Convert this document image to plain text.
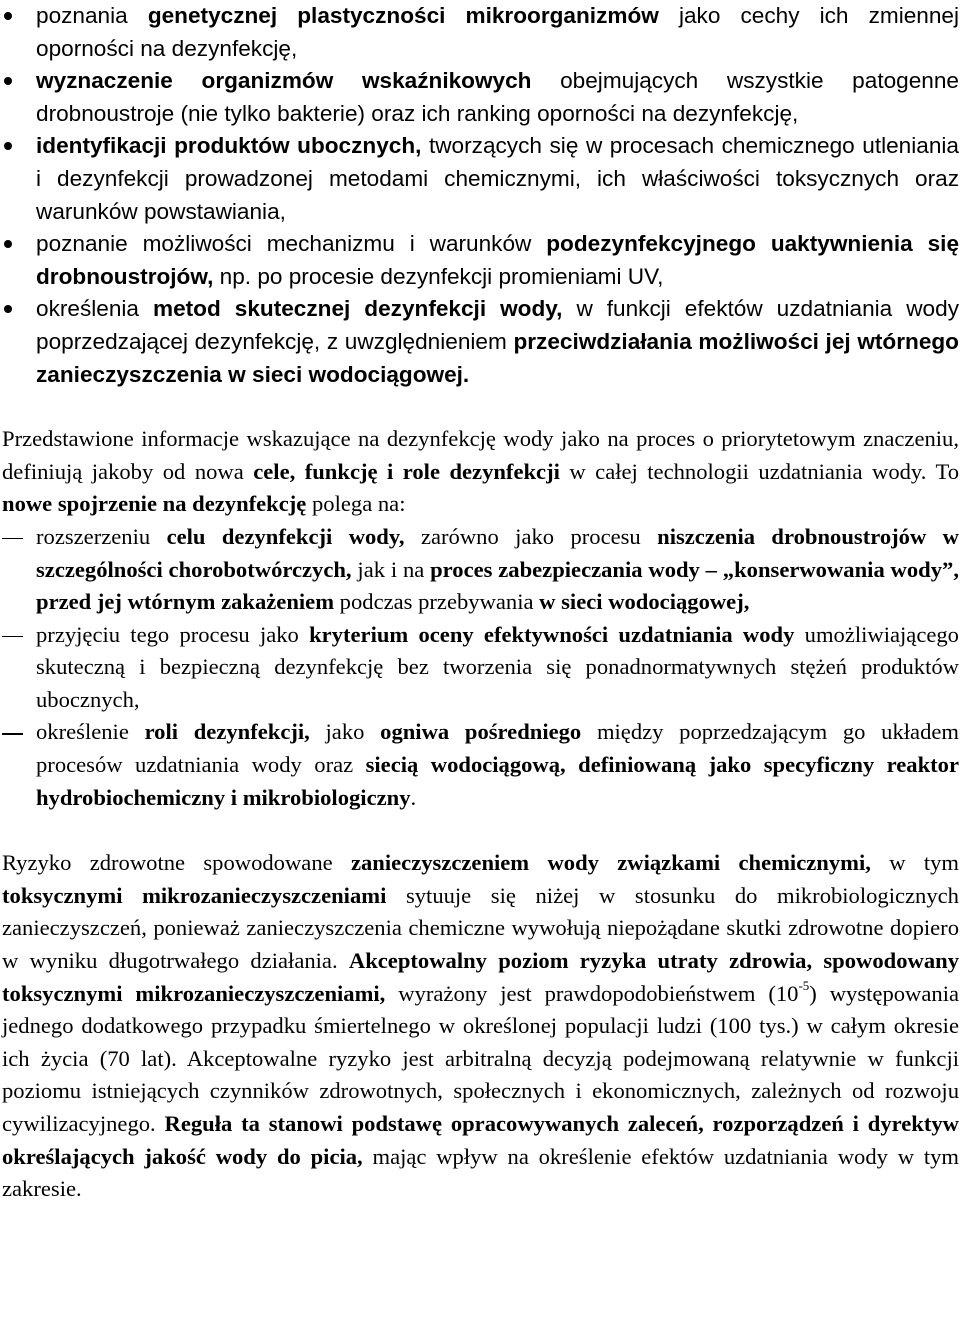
poznania genetycznej plastyczności mikroorganizmów jako cechy ich zmiennej oporności na dezynfekcję,
wyznaczenie organizmów wskaźnikowych obejmujących wszystkie patogenne drobnoustroje (nie tylko bakterie) oraz ich ranking oporności na dezynfekcję,
identyfikacji produktów ubocznych, tworzących się w procesach chemicznego utleniania i dezynfekcji prowadzonej metodami chemicznymi, ich właściwości toksycznych oraz warunków powstawiania,
poznanie możliwości mechanizmu i warunków podezynfekcyjnego uaktywnienia się drobnoustrojów, np. po procesie dezynfekcji promieniami UV,
określenia metod skutecznej dezynfekcji wody, w funkcji efektów uzdatniania wody poprzedzającej dezynfekcję, z uwzględnieniem przeciwdziałania możliwości jej wtórnego zanieczyszczenia w sieci wodociągowej.

Przedstawione informacje wskazujące na dezynfekcję wody jako na proces o priorytetowym znaczeniu, definiują jakoby od nowa cele, funkcję i role dezynfekcji w całej technologii uzdatniania wody. To nowe spojrzenie na dezynfekcję polega na:

rozszerzeniu celu dezynfekcji wody, zarówno jako procesu niszczenia drobnoustrojów w szczególności chorobotwórczych, jak i na proces zabezpieczania wody – „konserwowania wody”, przed jej wtórnym zakażeniem podczas przebywania w sieci wodociągowej,
przyjęciu tego procesu jako kryterium oceny efektywności uzdatniania wody umożliwiającego skuteczną i bezpieczną dezynfekcję bez tworzenia się ponadnormatywnych stężeń produktów ubocznych,
określenie roli dezynfekcji, jako ogniwa pośredniego między poprzedzającym go układem procesów uzdatniania wody oraz siecią wodociągową, definiowaną jako specyficzny reaktor hydrobiochemiczny i mikrobiologiczny.

Ryzyko zdrowotne spowodowane zanieczyszczeniem wody związkami chemicznymi, w tym toksycznymi mikrozanieczyszczeniami sytuuje się niżej w stosunku do mikrobiologicznych zanieczyszczeń, ponieważ zanieczyszczenia chemiczne wywołują niepożądane skutki zdrowotne dopiero w wyniku długotrwałego działania. Akceptowalny poziom ryzyka utraty zdrowia, spowodowany toksycznymi mikrozanieczyszczeniami, wyrażony jest prawdopodobieństwem $(10^{-5})$ występowania jednego dodatkowego przypadku śmiertelnego w określonej populacji ludzi (100 tys.) w całym okresie ich życia (70 lat). Akceptowalne ryzyko jest arbitralną decyzją podejmowaną relatywnie w funkcji poziomu istniejących czynników zdrowotnych, społecznych i ekonomicznych, zależnych od rozwoju cywilizacyjnego. Reguła ta stanowi podstawę opracowywanych zaleceń, rozporządzeń i dyrektyw określających jakość wody do picia, mając wpływ na określenie efektów uzdatniania wody w tym zakresie.
